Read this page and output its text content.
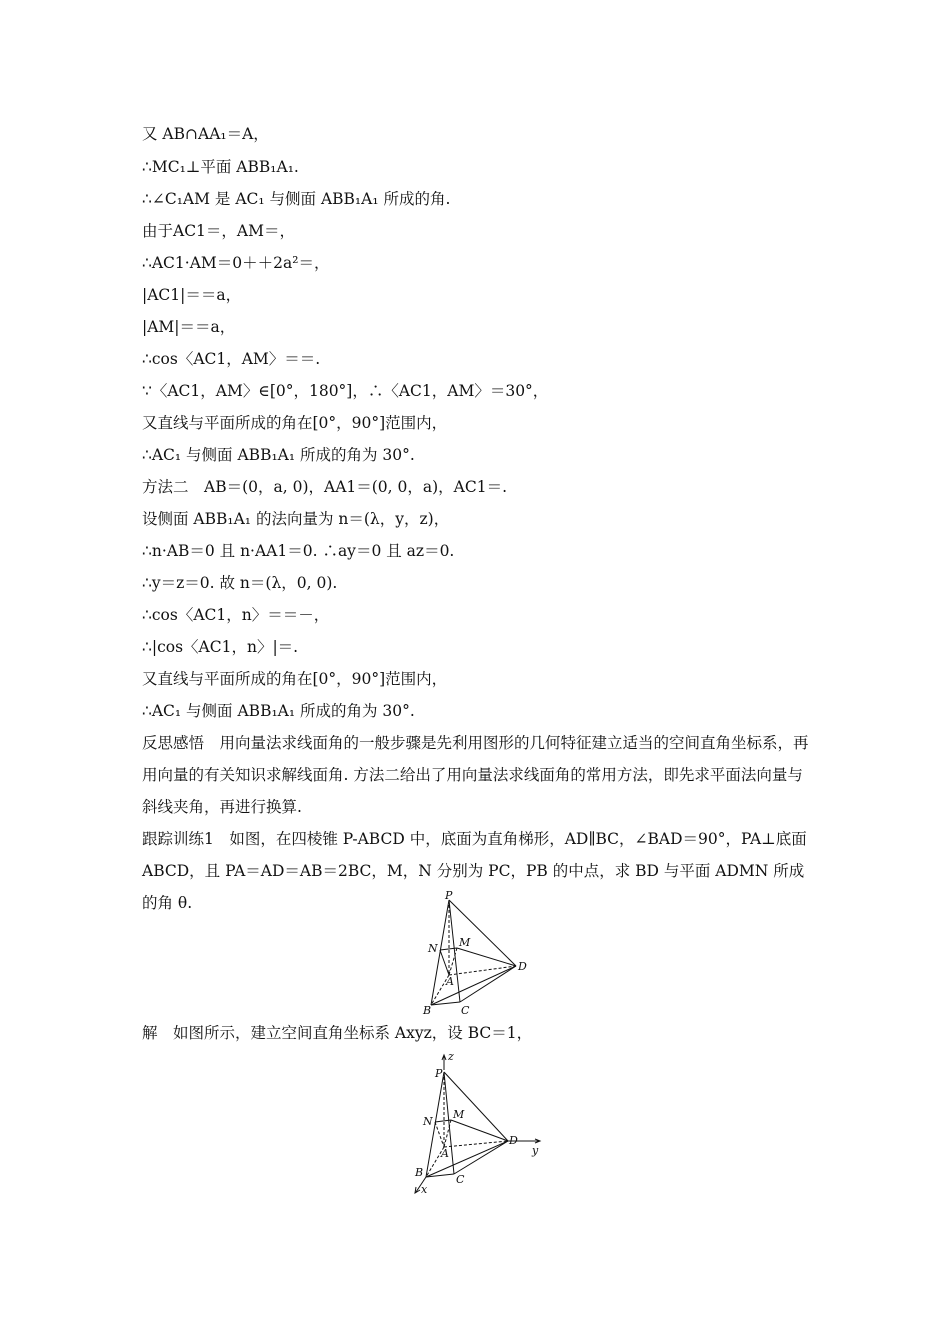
又 AB∩AA₁＝A，
∴MC₁⊥平面 ABB₁A₁.
∴∠C₁AM 是 AC₁ 与侧面 ABB₁A₁ 所成的角.
由于AC1＝，AM＝，
∴AC1·AM＝0＋＋2a²＝，
|AC1|＝＝a，
|AM|＝＝a，
∴cos〈AC1，AM〉＝＝.
∵〈AC1，AM〉∈[0°，180°]，∴〈AC1，AM〉＝30°，
又直线与平面所成的角在[0°，90°]范围内，
∴AC₁ 与侧面 ABB₁A₁ 所成的角为 30°.
方法二　AB＝(0，a, 0)，AA1＝(0, 0，a)，AC1＝.
设侧面 ABB₁A₁ 的法向量为 n＝(λ，y，z)，
∴n·AB＝0 且 n·AA1＝0. ∴ay＝0 且 az＝0.
∴y＝z＝0. 故 n＝(λ，0, 0).
∴cos〈AC1，n〉＝＝－，
∴|cos〈AC1，n〉|＝.
又直线与平面所成的角在[0°，90°]范围内，
∴AC₁ 与侧面 ABB₁A₁ 所成的角为 30°.
反思感悟　用向量法求线面角的一般步骤是先利用图形的几何特征建立适当的空间直角坐标系，再用向量的有关知识求解线面角. 方法二给出了用向量法求线面角的常用方法，即先求平面法向量与斜线夹角，再进行换算.
跟踪训练1　如图，在四棱锥 P-ABCD 中，底面为直角梯形，AD∥BC，∠BAD＝90°，PA⊥底面 ABCD，且 PA＝AD＝AB＝2BC，M，N 分别为 PC，PB 的中点，求 BD 与平面 ADMN 所成的角 θ.	P
N M
A
D
B	C
解　如图所示，建立空间直角坐标系 Axyz，设 BC＝1，
z
P
N
M
A
D
y
B
C
x
